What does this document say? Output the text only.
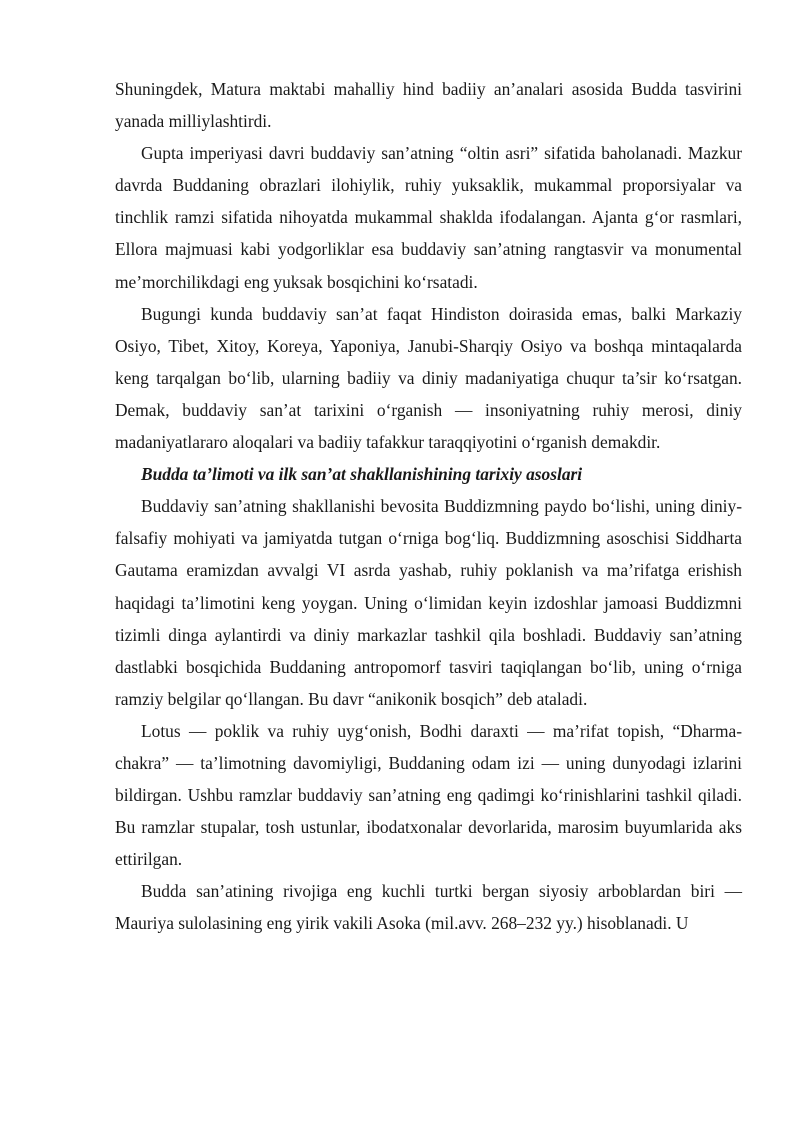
Shuningdek, Matura maktabi mahalliy hind badiiy an’analari asosida Budda tasvirini yanada milliylashtirdi.

Gupta imperiyasi davri buddaviy san’atning “oltin asri” sifatida baholanadi. Mazkur davrda Buddaning obrazlari ilohiylik, ruhiy yuksaklik, mukammal proporsiyalar va tinchlik ramzi sifatida nihoyatda mukammal shaklda ifodalangan. Ajanta g‘or rasmlari, Ellora majmuasi kabi yodgorliklar esa buddaviy san’atning rangtasvir va monumental me’morchilikdagi eng yuksak bosqichini ko‘rsatadi.

Bugungi kunda buddaviy san’at faqat Hindiston doirasida emas, balki Markaziy Osiyo, Tibet, Xitoy, Koreya, Yaponiya, Janubi-Sharqiy Osiyo va boshqa mintaqalarda keng tarqalgan bo‘lib, ularning badiiy va diniy madaniyatiga chuqur ta’sir ko‘rsatgan. Demak, buddaviy san’at tarixini o‘rganish — insoniyatning ruhiy merosi, diniy madaniyatlararo aloqalari va badiiy tafakkur taraqqiyotini o‘rganish demakdir.

Budda ta’limoti va ilk san’at shakllanishining tarixiy asoslari

Buddaviy san’atning shakllanishi bevosita Buddizmning paydo bo‘lishi, uning diniy-falsafiy mohiyati va jamiyatda tutgan o‘rniga bog‘liq. Buddizmning asoschisi Siddharta Gautama eramizdan avvalgi VI asrda yashab, ruhiy poklanish va ma’rifatga erishish haqidagi ta’limotini keng yoygan. Uning o‘limidan keyin izdoshlar jamoasi Buddizmni tizimli dinga aylantirdi va diniy markazlar tashkil qila boshladi. Buddaviy san’atning dastlabki bosqichida Buddaning antropomorf tasviri taqiqlangan bo‘lib, uning o‘rniga ramziy belgilar qo‘llangan. Bu davr “anikonik bosqich” deb ataladi.

Lotus — poklik va ruhiy uyg‘onish, Bodhi daraxti — ma’rifat topish, “Dharma-chakra” — ta’limotning davomiyligi, Buddaning odam izi — uning dunyodagi izlarini bildirgan. Ushbu ramzlar buddaviy san’atning eng qadimgi ko‘rinishlarini tashkil qiladi. Bu ramzlar stupalar, tosh ustunlar, ibodatxonalar devorlarida, marosim buyumlarida aks ettirilgan.

Budda san’atining rivojiga eng kuchli turtki bergan siyosiy arboblardan biri — Mauriya sulolasining eng yirik vakili Asoka (mil.avv. 268–232 yy.) hisoblanadi. U
